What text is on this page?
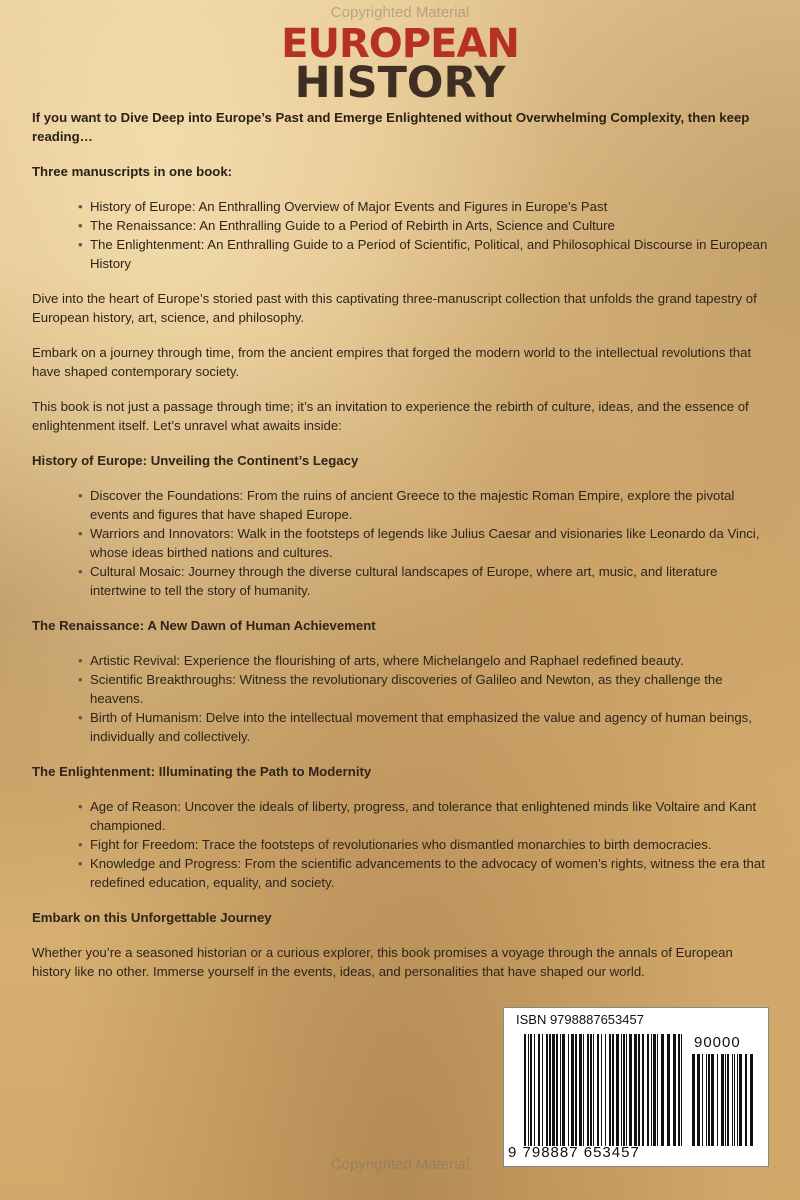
Copyrighted Material
EUROPEAN
HISTORY

If you want to Dive Deep into Europe’s Past and Emerge Enlightened without Overwhelming Complexity, then keep reading…

Three manuscripts in one book:

• History of Europe: An Enthralling Overview of Major Events and Figures in Europe’s Past
• The Renaissance: An Enthralling Guide to a Period of Rebirth in Arts, Science and Culture
• The Enlightenment: An Enthralling Guide to a Period of Scientific, Political, and Philosophical Discourse in European History

Dive into the heart of Europe’s storied past with this captivating three-manuscript collection that unfolds the grand tapestry of European history, art, science, and philosophy.

Embark on a journey through time, from the ancient empires that forged the modern world to the intellectual revolutions that have shaped contemporary society.

This book is not just a passage through time; it’s an invitation to experience the rebirth of culture, ideas, and the essence of enlightenment itself. Let’s unravel what awaits inside:

History of Europe: Unveiling the Continent’s Legacy

• Discover the Foundations: From the ruins of ancient Greece to the majestic Roman Empire, explore the pivotal events and figures that have shaped Europe.
• Warriors and Innovators: Walk in the footsteps of legends like Julius Caesar and visionaries like Leonardo da Vinci, whose ideas birthed nations and cultures.
• Cultural Mosaic: Journey through the diverse cultural landscapes of Europe, where art, music, and literature intertwine to tell the story of humanity.

The Renaissance: A New Dawn of Human Achievement

• Artistic Revival: Experience the flourishing of arts, where Michelangelo and Raphael redefined beauty.
• Scientific Breakthroughs: Witness the revolutionary discoveries of Galileo and Newton, as they challenge the heavens.
• Birth of Humanism: Delve into the intellectual movement that emphasized the value and agency of human beings, individually and collectively.

The Enlightenment: Illuminating the Path to Modernity

• Age of Reason: Uncover the ideals of liberty, progress, and tolerance that enlightened minds like Voltaire and Kant championed.
• Fight for Freedom: Trace the footsteps of revolutionaries who dismantled monarchies to birth democracies.
• Knowledge and Progress: From the scientific advancements to the advocacy of women’s rights, witness the era that redefined education, equality, and society.

Embark on this Unforgettable Journey

Whether you’re a seasoned historian or a curious explorer, this book promises a voyage through the annals of European history like no other. Immerse yourself in the events, ideas, and personalities that have shaped our world.

ISBN 9798887653457
90000
9 798887 653457
Copyrighted Material
